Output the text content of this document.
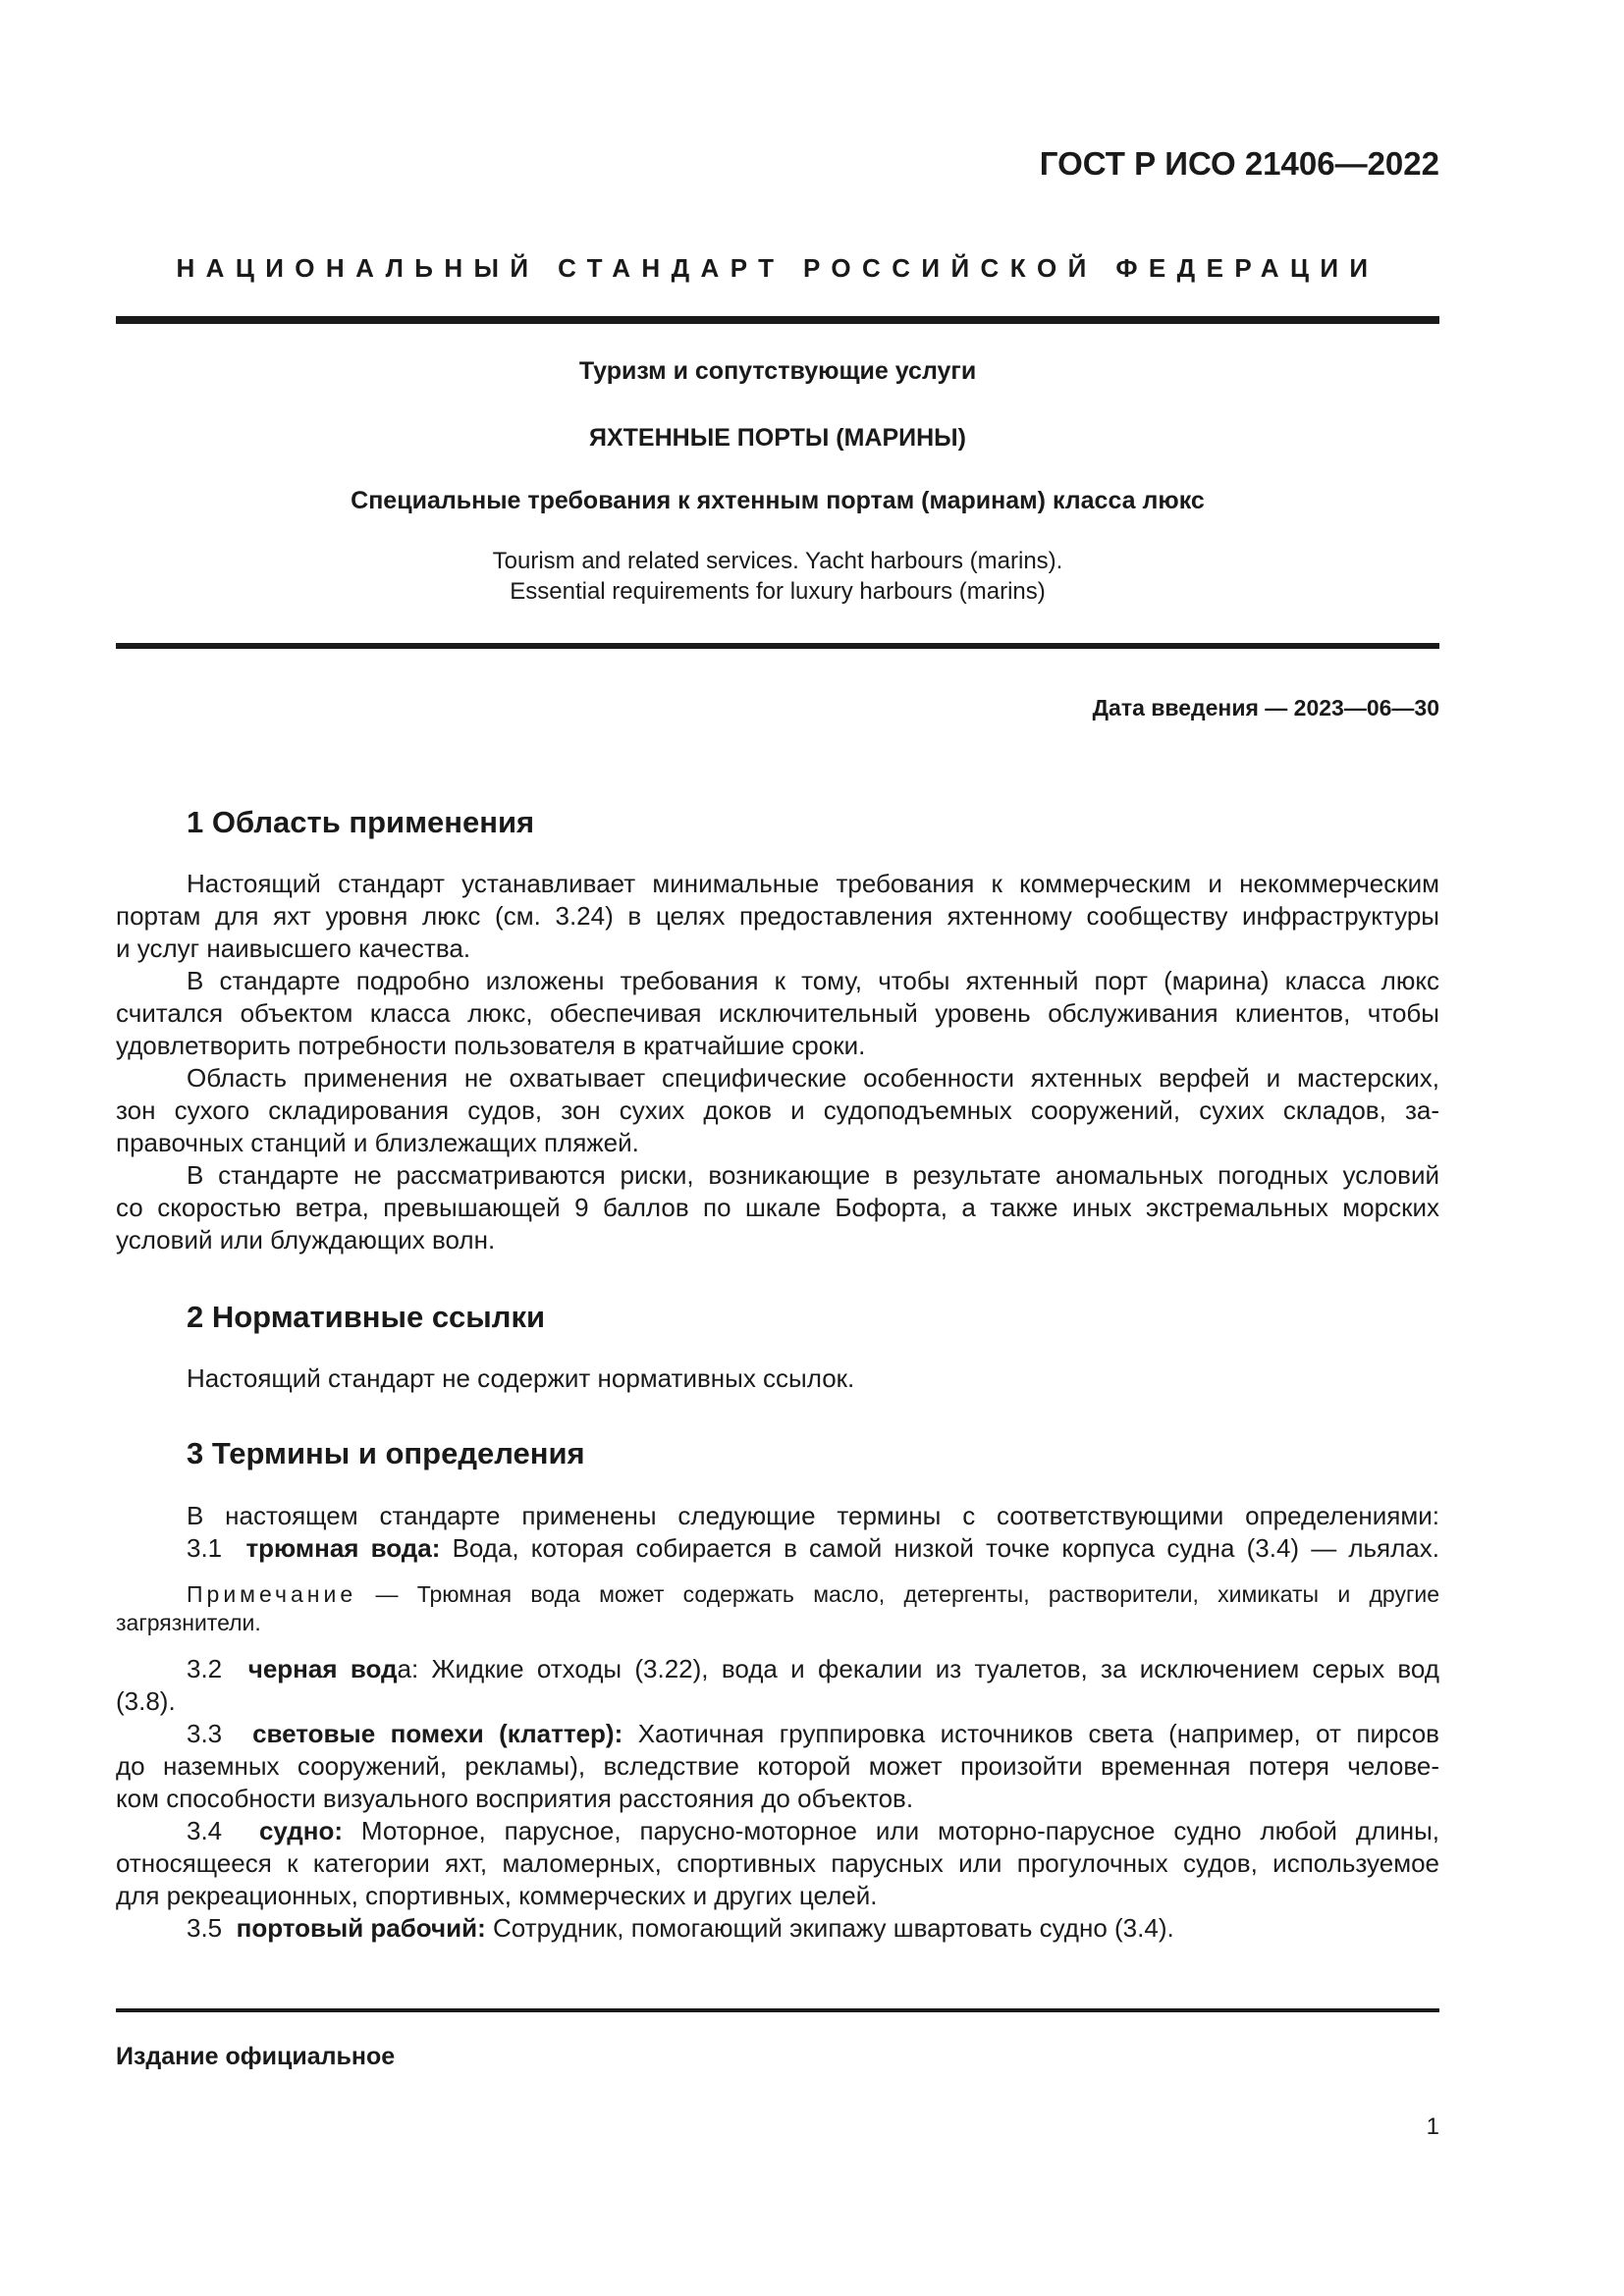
ГОСТ Р ИСО 21406—2022
НАЦИОНАЛЬНЫЙ СТАНДАРТ РОССИЙСКОЙ ФЕДЕРАЦИИ
Туризм и сопутствующие услуги
ЯХТЕННЫЕ ПОРТЫ (МАРИНЫ)
Специальные требования к яхтенным портам (маринам) класса люкс
Tourism and related services. Yacht harbours (marins).
Essential requirements for luxury harbours (marins)
Дата введения — 2023—06—30
1 Область применения
Настоящий стандарт устанавливает минимальные требования к коммерческим и некоммерческим
портам для яхт уровня люкс (см. 3.24) в целях предоставления яхтенному сообществу инфраструктуры
и услуг наивысшего качества.
В стандарте подробно изложены требования к тому, чтобы яхтенный порт (марина) класса люкс
считался объектом класса люкс, обеспечивая исключительный уровень обслуживания клиентов, чтобы
удовлетворить потребности пользователя в кратчайшие сроки.
Область применения не охватывает специфические особенности яхтенных верфей и мастерских,
зон сухого складирования судов, зон сухих доков и судоподъемных сооружений, сухих складов, за-
правочных станций и близлежащих пляжей.
В стандарте не рассматриваются риски, возникающие в результате аномальных погодных условий
со скоростью ветра, превышающей 9 баллов по шкале Бофорта, а также иных экстремальных морских
условий или блуждающих волн.
2 Нормативные ссылки
Настоящий стандарт не содержит нормативных ссылок.
3 Термины и определения
В настоящем стандарте применены следующие термины с соответствующими определениями:
3.1 трюмная вода: Вода, которая собирается в самой низкой точке корпуса судна (3.4) — льялах.
Примечание — Трюмная вода может содержать масло, детергенты, растворители, химикаты и другие
загрязнители.
3.2 черная вода: Жидкие отходы (3.22), вода и фекалии из туалетов, за исключением серых вод
(3.8).
3.3 световые помехи (клаттер): Хаотичная группировка источников света (например, от пирсов
до наземных сооружений, рекламы), вследствие которой может произойти временная потеря челове-
ком способности визуального восприятия расстояния до объектов.
3.4 судно: Моторное, парусное, парусно-моторное или моторно-парусное судно любой длины,
относящееся к категории яхт, маломерных, спортивных парусных или прогулочных судов, используемое
для рекреационных, спортивных, коммерческих и других целей.
3.5 портовый рабочий: Сотрудник, помогающий экипажу швартовать судно (3.4).
Издание официальное
1
